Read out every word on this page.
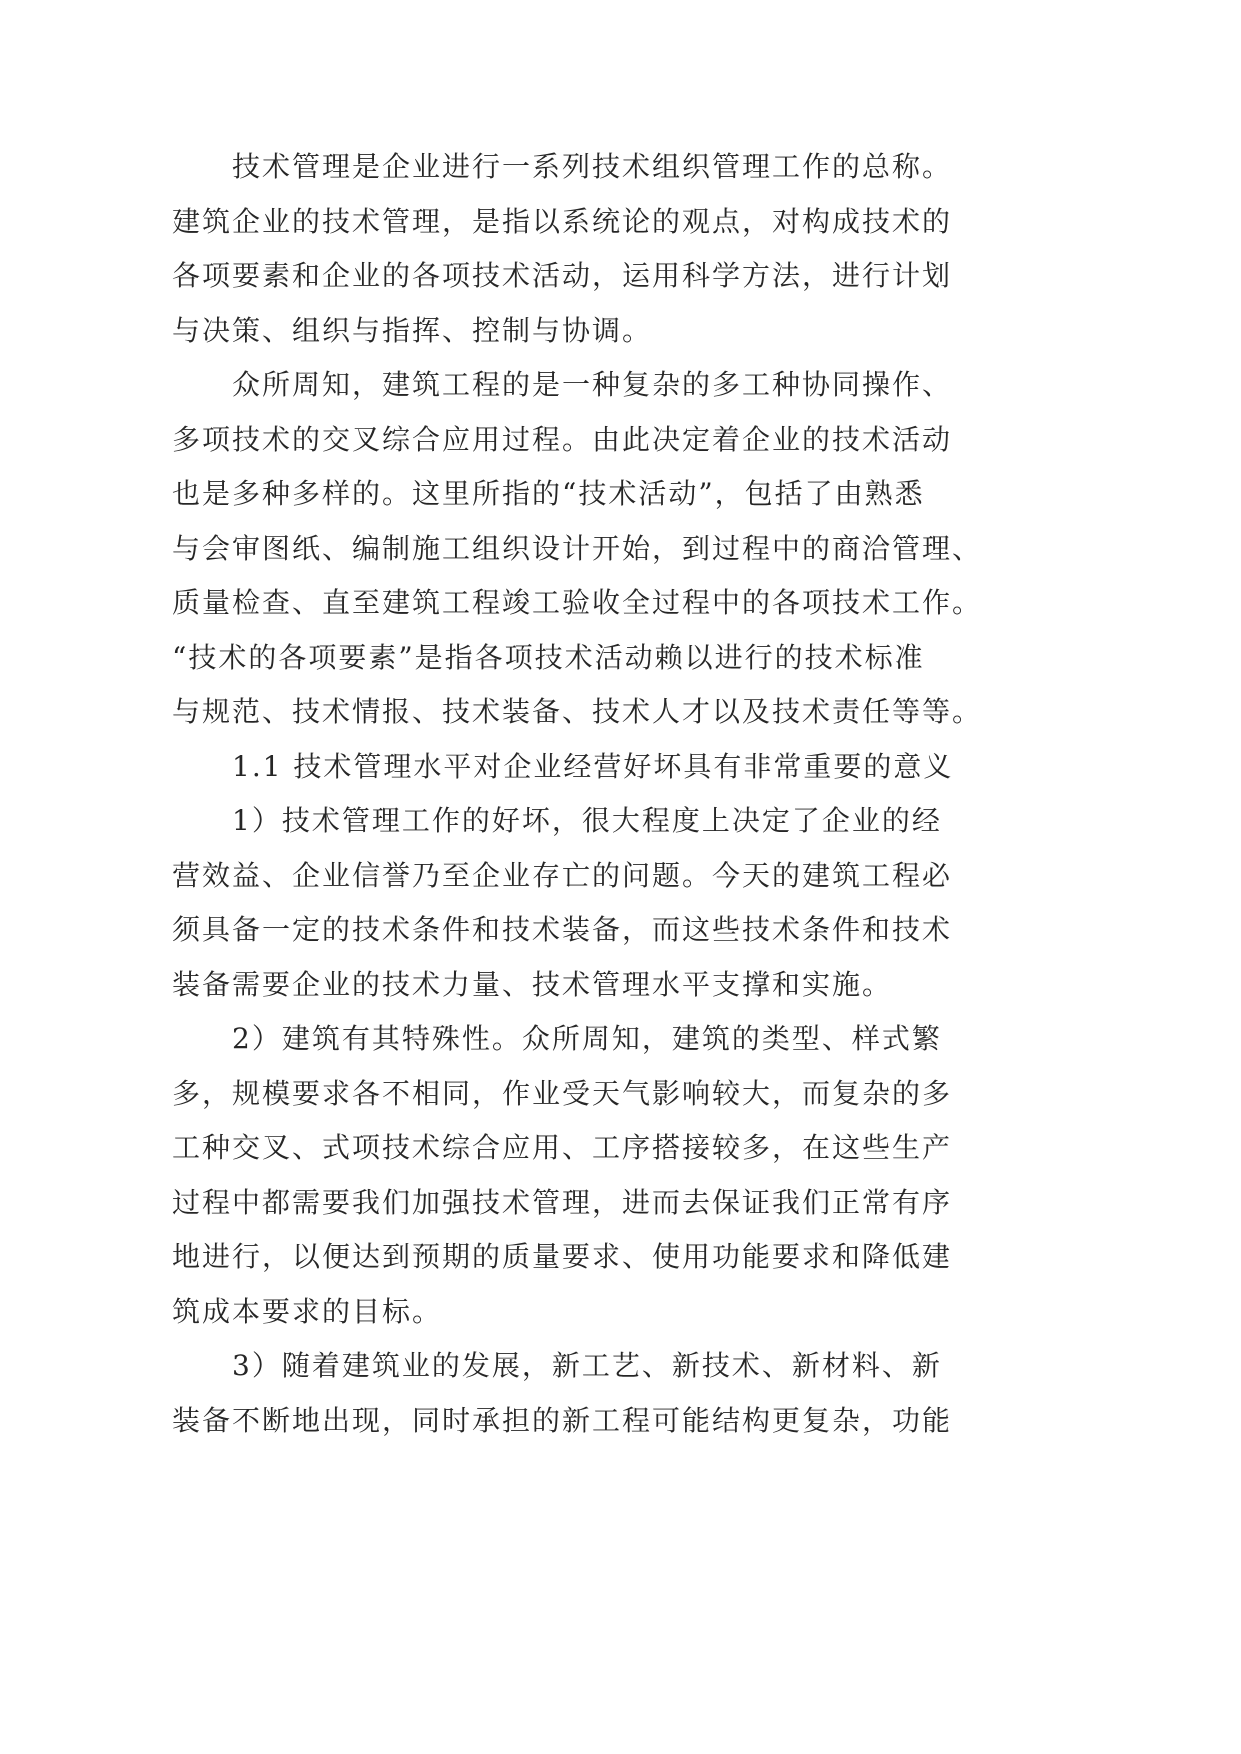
技术管理是企业进行一系列技术组织管理工作的总称。
建筑企业的技术管理，是指以系统论的观点，对构成技术的
各项要素和企业的各项技术活动，运用科学方法，进行计划
与决策、组织与指挥、控制与协调。
众所周知，建筑工程的是一种复杂的多工种协同操作、
多项技术的交叉综合应用过程。由此决定着企业的技术活动
也是多种多样的。这里所指的“技术活动”，包括了由熟悉
与会审图纸、编制施工组织设计开始，到过程中的商洽管理、
质量检查、直至建筑工程竣工验收全过程中的各项技术工作。
“技术的各项要素”是指各项技术活动赖以进行的技术标准
与规范、技术情报、技术装备、技术人才以及技术责任等等。
1.1 技术管理水平对企业经营好坏具有非常重要的意义
1）技术管理工作的好坏，很大程度上决定了企业的经
营效益、企业信誉乃至企业存亡的问题。今天的建筑工程必
须具备一定的技术条件和技术装备，而这些技术条件和技术
装备需要企业的技术力量、技术管理水平支撑和实施。
2）建筑有其特殊性。众所周知，建筑的类型、样式繁
多，规模要求各不相同，作业受天气影响较大，而复杂的多
工种交叉、式项技术综合应用、工序搭接较多，在这些生产
过程中都需要我们加强技术管理，进而去保证我们正常有序
地进行，以便达到预期的质量要求、使用功能要求和降低建
筑成本要求的目标。
3）随着建筑业的发展，新工艺、新技术、新材料、新
装备不断地出现，同时承担的新工程可能结构更复杂，功能
